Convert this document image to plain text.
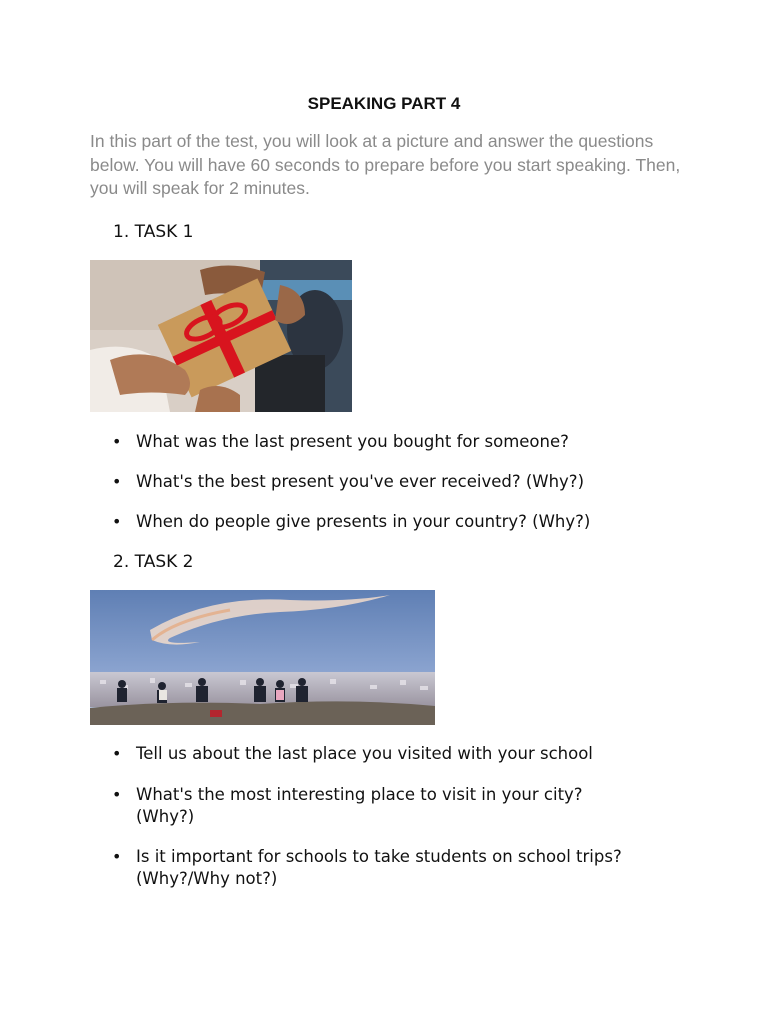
SPEAKING PART 4
In this part of the test, you will look at a picture and answer the questions below. You will have 60 seconds to prepare before you start speaking. Then, you will speak for 2 minutes.
1. TASK 1
• What was the last present you bought for someone?
• What's the best present you've ever received? (Why?)
• When do people give presents in your country? (Why?)
2. TASK 2
• Tell us about the last place you visited with your school
• What's the most interesting place to visit in your city? (Why?)
• Is it important for schools to take students on school trips? (Why?/Why not?)
